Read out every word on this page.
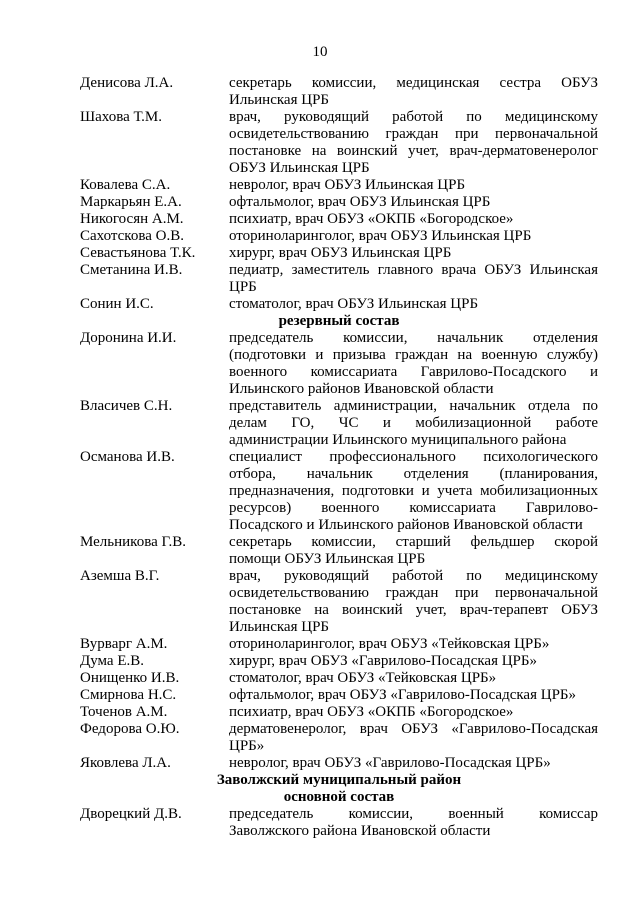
10
Денисова Л.А.	секретарь комиссии, медицинская сестра ОБУЗ
Ильинская ЦРБ
Шахова Т.М.	врач, руководящий работой по медицинскому
освидетельствованию граждан при первоначальной
постановке на воинский учет, врач-дерматовенеролог
ОБУЗ Ильинская ЦРБ
Ковалева С.А.	невролог, врач ОБУЗ Ильинская ЦРБ
Маркарьян Е.А.	офтальмолог, врач ОБУЗ Ильинская ЦРБ
Никогосян А.М.	психиатр, врач ОБУЗ «ОКПБ «Богородское»
Сахотскова О.В.	оториноларинголог, врач ОБУЗ Ильинская ЦРБ
Севастьянова Т.К.	хирург, врач ОБУЗ Ильинская ЦРБ
Сметанина И.В.	педиатр, заместитель главного врача ОБУЗ Ильинская
ЦРБ
Сонин И.С.	стоматолог, врач ОБУЗ Ильинская ЦРБ
резервный состав
Доронина И.И.	председатель комиссии, начальник отделения
(подготовки и призыва граждан на военную службу)
военного комиссариата Гаврилово-Посадского и
Ильинского районов Ивановской области
Власичев С.Н.	представитель администрации, начальник отдела по
делам ГО, ЧС и мобилизационной работе
администрации Ильинского муниципального района
Османова И.В.	специалист профессионального психологического
отбора, начальник отделения (планирования,
предназначения, подготовки и учета мобилизационных
ресурсов) военного комиссариата Гаврилово-
Посадского и Ильинского районов Ивановской области
Мельникова Г.В.	секретарь комиссии, старший фельдшер скорой
помощи ОБУЗ Ильинская ЦРБ
Аземша В.Г.	врач, руководящий работой по медицинскому
освидетельствованию граждан при первоначальной
постановке на воинский учет, врач-терапевт ОБУЗ
Ильинская ЦРБ
Вурварг А.М.	оториноларинголог, врач ОБУЗ «Тейковская ЦРБ»
Дума Е.В.	хирург, врач ОБУЗ «Гаврилово-Посадская ЦРБ»
Онищенко И.В.	стоматолог, врач ОБУЗ «Тейковская ЦРБ»
Смирнова Н.С.	офтальмолог, врач ОБУЗ «Гаврилово-Посадская ЦРБ»
Точенов А.М.	психиатр, врач ОБУЗ «ОКПБ «Богородское»
Федорова О.Ю.	дерматовенеролог, врач ОБУЗ «Гаврилово-Посадская
ЦРБ»
Яковлева Л.А.	невролог, врач ОБУЗ «Гаврилово-Посадская ЦРБ»
Заволжский муниципальный район
основной состав
Дворецкий Д.В.	председатель комиссии, военный комиссар
Заволжского района Ивановской области
